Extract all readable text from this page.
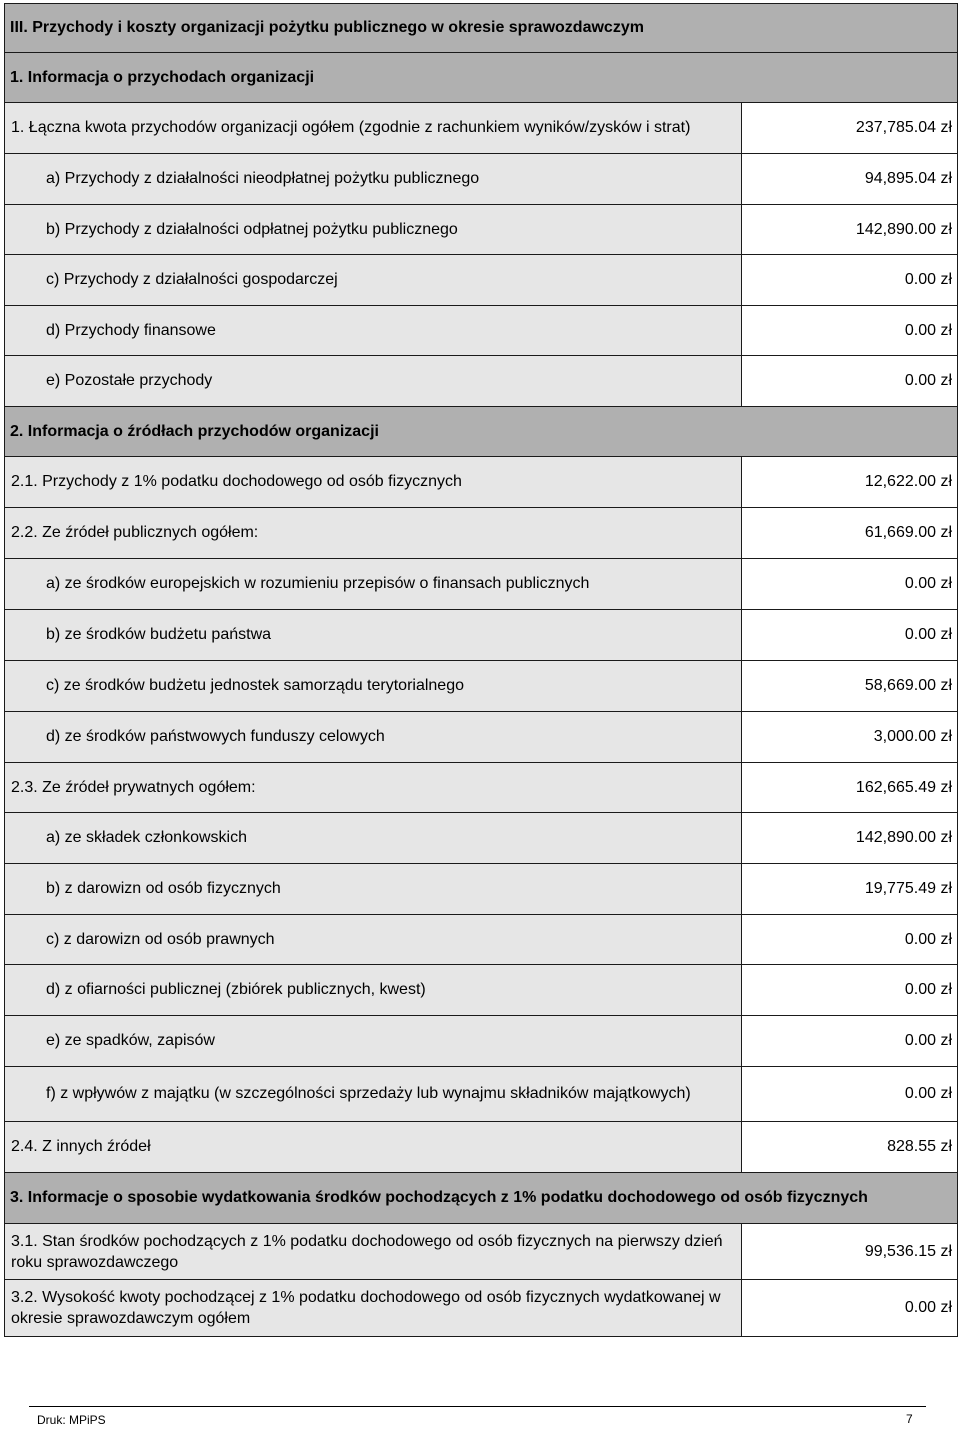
III. Przychody i koszty organizacji pożytku publicznego w okresie sprawozdawczym	
1. Informacja o przychodach organizacji	
1. Łączna kwota przychodów organizacji ogółem (zgodnie z rachunkiem wyników/zysków i strat)	237,785.04 zł
a) Przychody z działalności nieodpłatnej pożytku publicznego	94,895.04 zł
b) Przychody z działalności odpłatnej pożytku publicznego	142,890.00 zł
c) Przychody z działalności gospodarczej	0.00 zł
d) Przychody finansowe	0.00 zł
e) Pozostałe przychody	0.00 zł
2. Informacja o źródłach przychodów organizacji	
2.1. Przychody z 1% podatku dochodowego od osób fizycznych	12,622.00 zł
2.2. Ze źródeł publicznych ogółem:	61,669.00 zł
a) ze środków europejskich w rozumieniu przepisów o finansach publicznych	0.00 zł
b) ze środków budżetu państwa	0.00 zł
c) ze środków budżetu jednostek samorządu terytorialnego	58,669.00 zł
d) ze środków państwowych funduszy celowych	3,000.00 zł
2.3. Ze źródeł prywatnych ogółem:	162,665.49 zł
a) ze składek członkowskich	142,890.00 zł
b) z darowizn od osób fizycznych	19,775.49 zł
c) z darowizn od osób prawnych	0.00 zł
d) z ofiarności publicznej (zbiórek publicznych, kwest)	0.00 zł
e) ze spadków, zapisów	0.00 zł
f) z wpływów z majątku (w szczególności sprzedaży lub wynajmu składników majątkowych)	0.00 zł
2.4. Z innych źródeł	828.55 zł
3. Informacje o sposobie wydatkowania środków pochodzących z 1% podatku dochodowego od osób fizycznych	
3.1. Stan środków pochodzących z 1% podatku dochodowego od osób fizycznych na pierwszy dzień roku sprawozdawczego	99,536.15 zł
3.2. Wysokość kwoty pochodzącej z 1% podatku dochodowego od osób fizycznych wydatkowanej w okresie sprawozdawczym ogółem	0.00 zł
Druk: MPiPS	7
